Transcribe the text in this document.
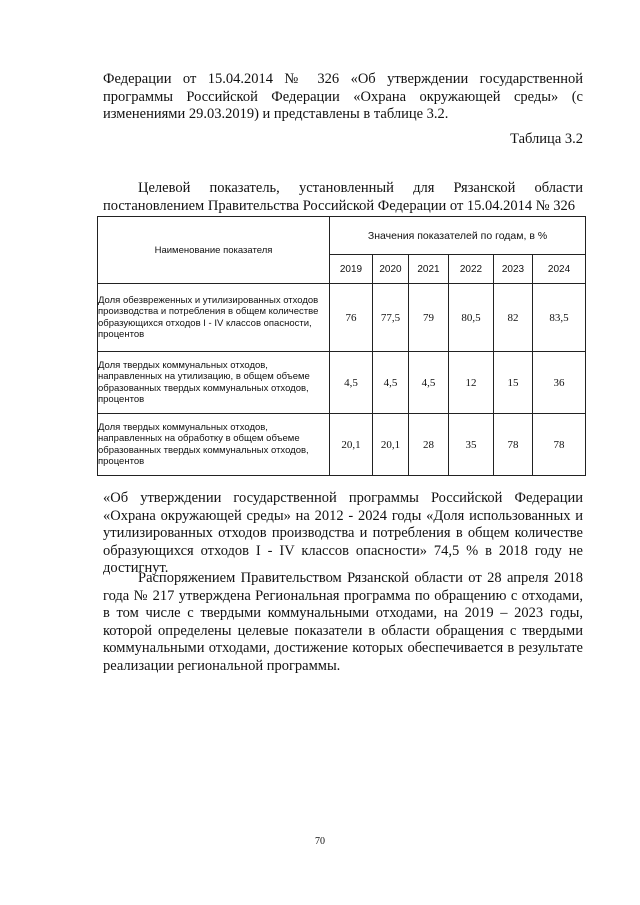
Федерации от 15.04.2014 № 326 «Об утверждении государственной программы Российской Федерации «Охрана окружающей среды» (с изменениями 29.03.2019) и представлены в таблице 3.2.
Таблица 3.2
Целевой показатель, установленный для Рязанской области постановлением Правительства Российской Федерации от 15.04.2014 № 326
Наименование показателя	Значения показателей по годам, в %					
	2019	2020	2021	2022	2023	2024
Доля обезвреженных и утилизированных отходов производства и потребления в общем количестве образующихся отходов I - IV классов опасности, процентов	76	77,5	79	80,5	82	83,5
Доля твердых коммунальных отходов, направленных на утилизацию, в общем объеме образованных твердых коммунальных отходов, процентов	4,5	4,5	4,5	12	15	36
Доля твердых коммунальных отходов, направленных на обработку в общем объеме образованных твердых коммунальных отходов, процентов	20,1	20,1	28	35	78	78
«Об утверждении государственной программы Российской Федерации «Охрана окружающей среды» на 2012 - 2024 годы «Доля использованных и утилизированных отходов производства и потребления в общем количестве образующихся отходов I - IV классов опасности» 74,5 % в 2018 году не достигнут.
Распоряжением Правительством Рязанской области от 28 апреля 2018 года № 217 утверждена Региональная программа по обращению с отходами, в том числе с твердыми коммунальными отходами, на 2019 – 2023 годы, которой определены целевые показатели в области обращения с твердыми коммунальными отходами, достижение которых обеспечивается в результате реализации региональной программы.
70
